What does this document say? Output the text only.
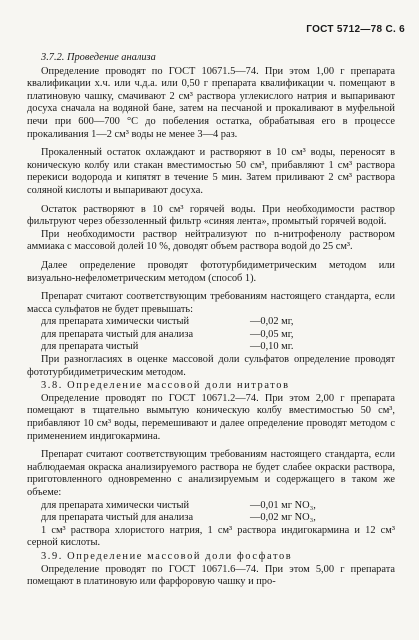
ГОСТ 5712—78 С. 6

3.7.2. Проведение анализа

Определение проводят по ГОСТ 10671.5—74. При этом 1,00 г препарата квалификации х.ч. или ч.д.а. или 0,50 г препарата квалификации ч. помещают в платиновую чашку, смачивают 2 см³ раствора углекислого натрия и выпаривают досуха сначала на водяной бане, затем на песчаной и прокаливают в муфельной печи при 600—700 °С до побеления остатка, обрабатывая его в процессе прокаливания 1—2 см³ воды не менее 3—4 раз.

Прокаленный остаток охлаждают и растворяют в 10 см³ воды, переносят в коническую колбу или стакан вместимостью 50 см³, прибавляют 1 см³ раствора перекиси водорода и кипятят в течение 5 мин. Затем приливают 2 см³ раствора соляной кислоты и выпаривают досуха.

Остаток растворяют в 10 см³ горячей воды. При необходимости раствор фильтруют через обеззоленный фильтр «синяя лента», промытый горячей водой.

При необходимости раствор нейтрализуют по n-нитрофенолу раствором аммиака с массовой долей 10 %, доводят объем раствора водой до 25 см³.

Далее определение проводят фототурбидиметрическим методом или визуально-нефелометрическим методом (способ 1).

Препарат считают соответствующим требованиям настоящего стандарта, если масса сульфатов не будет превышать:

для препарата химически чистый	—0,02 мг,
для препарата чистый для анализа	—0,05 мг,
для препарата чистый	—0,10 мг.

При разногласиях в оценке массовой доли сульфатов определение проводят фототурбидиметрическим методом.

3.8. Определение массовой доли нитратов

Определение проводят по ГОСТ 10671.2—74. При этом 2,00 г препарата помещают в тщательно вымытую коническую колбу вместимостью 50 см³, прибавляют 10 см³ воды, перемешивают и далее определение проводят методом с применением индигокармина.

Препарат считают соответствующим требованиям настоящего стандарта, если наблюдаемая окраска анализируемого раствора не будет слабее окраски раствора, приготовленного одновременно с анализируемым и содержащего в таком же объеме:

для препарата химически чистый	—0,01 мг NO₃,
для препарата чистый для анализа	—0,02 мг NO₃,

1 см³ раствора хлористого натрия, 1 см³ раствора индигокармина и 12 см³ серной кислоты.

3.9. Определение массовой доли фосфатов

Определение проводят по ГОСТ 10671.6—74. При этом 5,00 г препарата помещают в платиновую или фарфоровую чашку и про-
